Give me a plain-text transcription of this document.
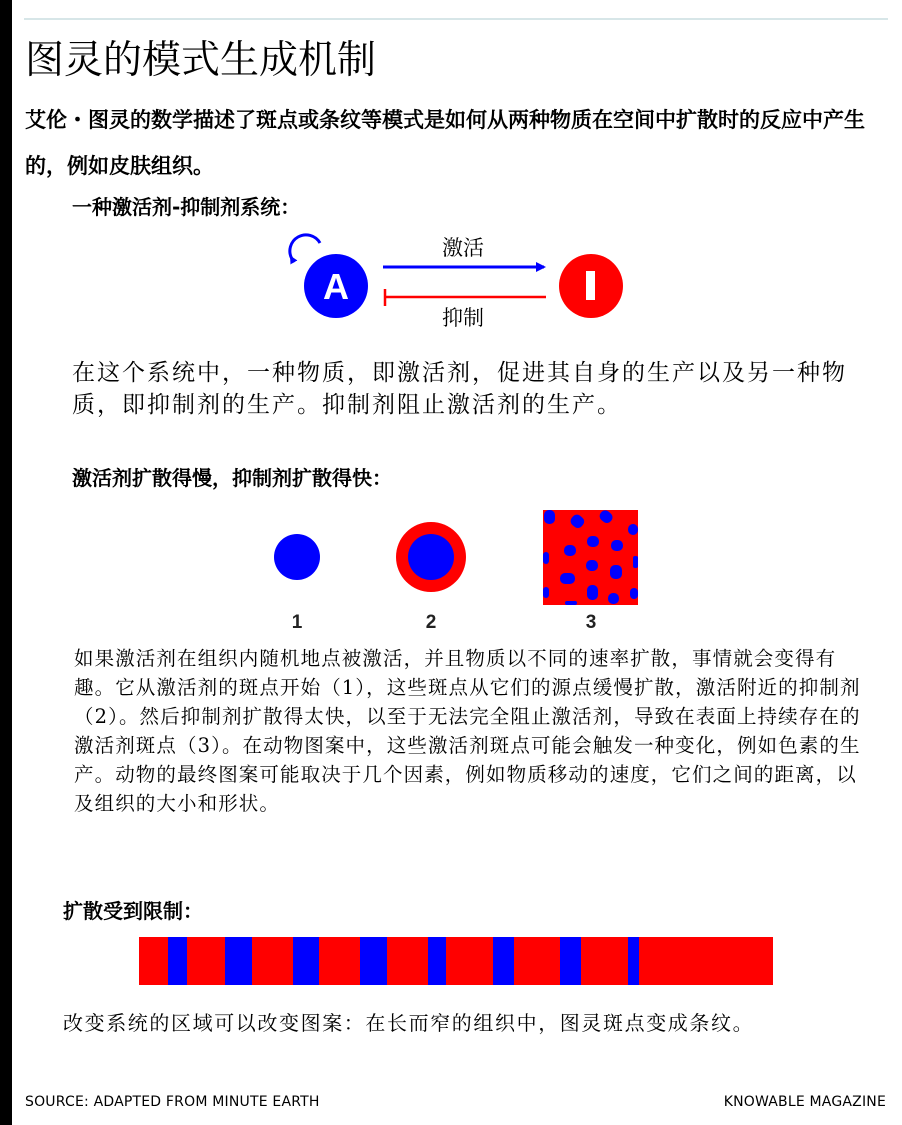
图灵的模式生成机制
艾伦・图灵的数学描述了斑点或条纹等模式是如何从两种物质在空间中扩散时的反应中产生的，例如皮肤组织。
一种激活剂-抑制剂系统：
A
激活
抑制
在这个系统中，一种物质，即激活剂，促进其自身的生产以及另一种物质，即抑制剂的生产。抑制剂阻止激活剂的生产。
激活剂扩散得慢，抑制剂扩散得快：
1	2	3
如果激活剂在组织内随机地点被激活，并且物质以不同的速率扩散，事情就会变得有趣。它从激活剂的斑点开始（1），这些斑点从它们的源点缓慢扩散，激活附近的抑制剂（2）。然后抑制剂扩散得太快，以至于无法完全阻止激活剂，导致在表面上持续存在的激活剂斑点（3）。在动物图案中，这些激活剂斑点可能会触发一种变化，例如色素的生产。动物的最终图案可能取决于几个因素，例如物质移动的速度，它们之间的距离，以及组织的大小和形状。
扩散受到限制：
改变系统的区域可以改变图案：在长而窄的组织中，图灵斑点变成条纹。
SOURCE: ADAPTED FROM MINUTE EARTH	KNOWABLE MAGAZINE
